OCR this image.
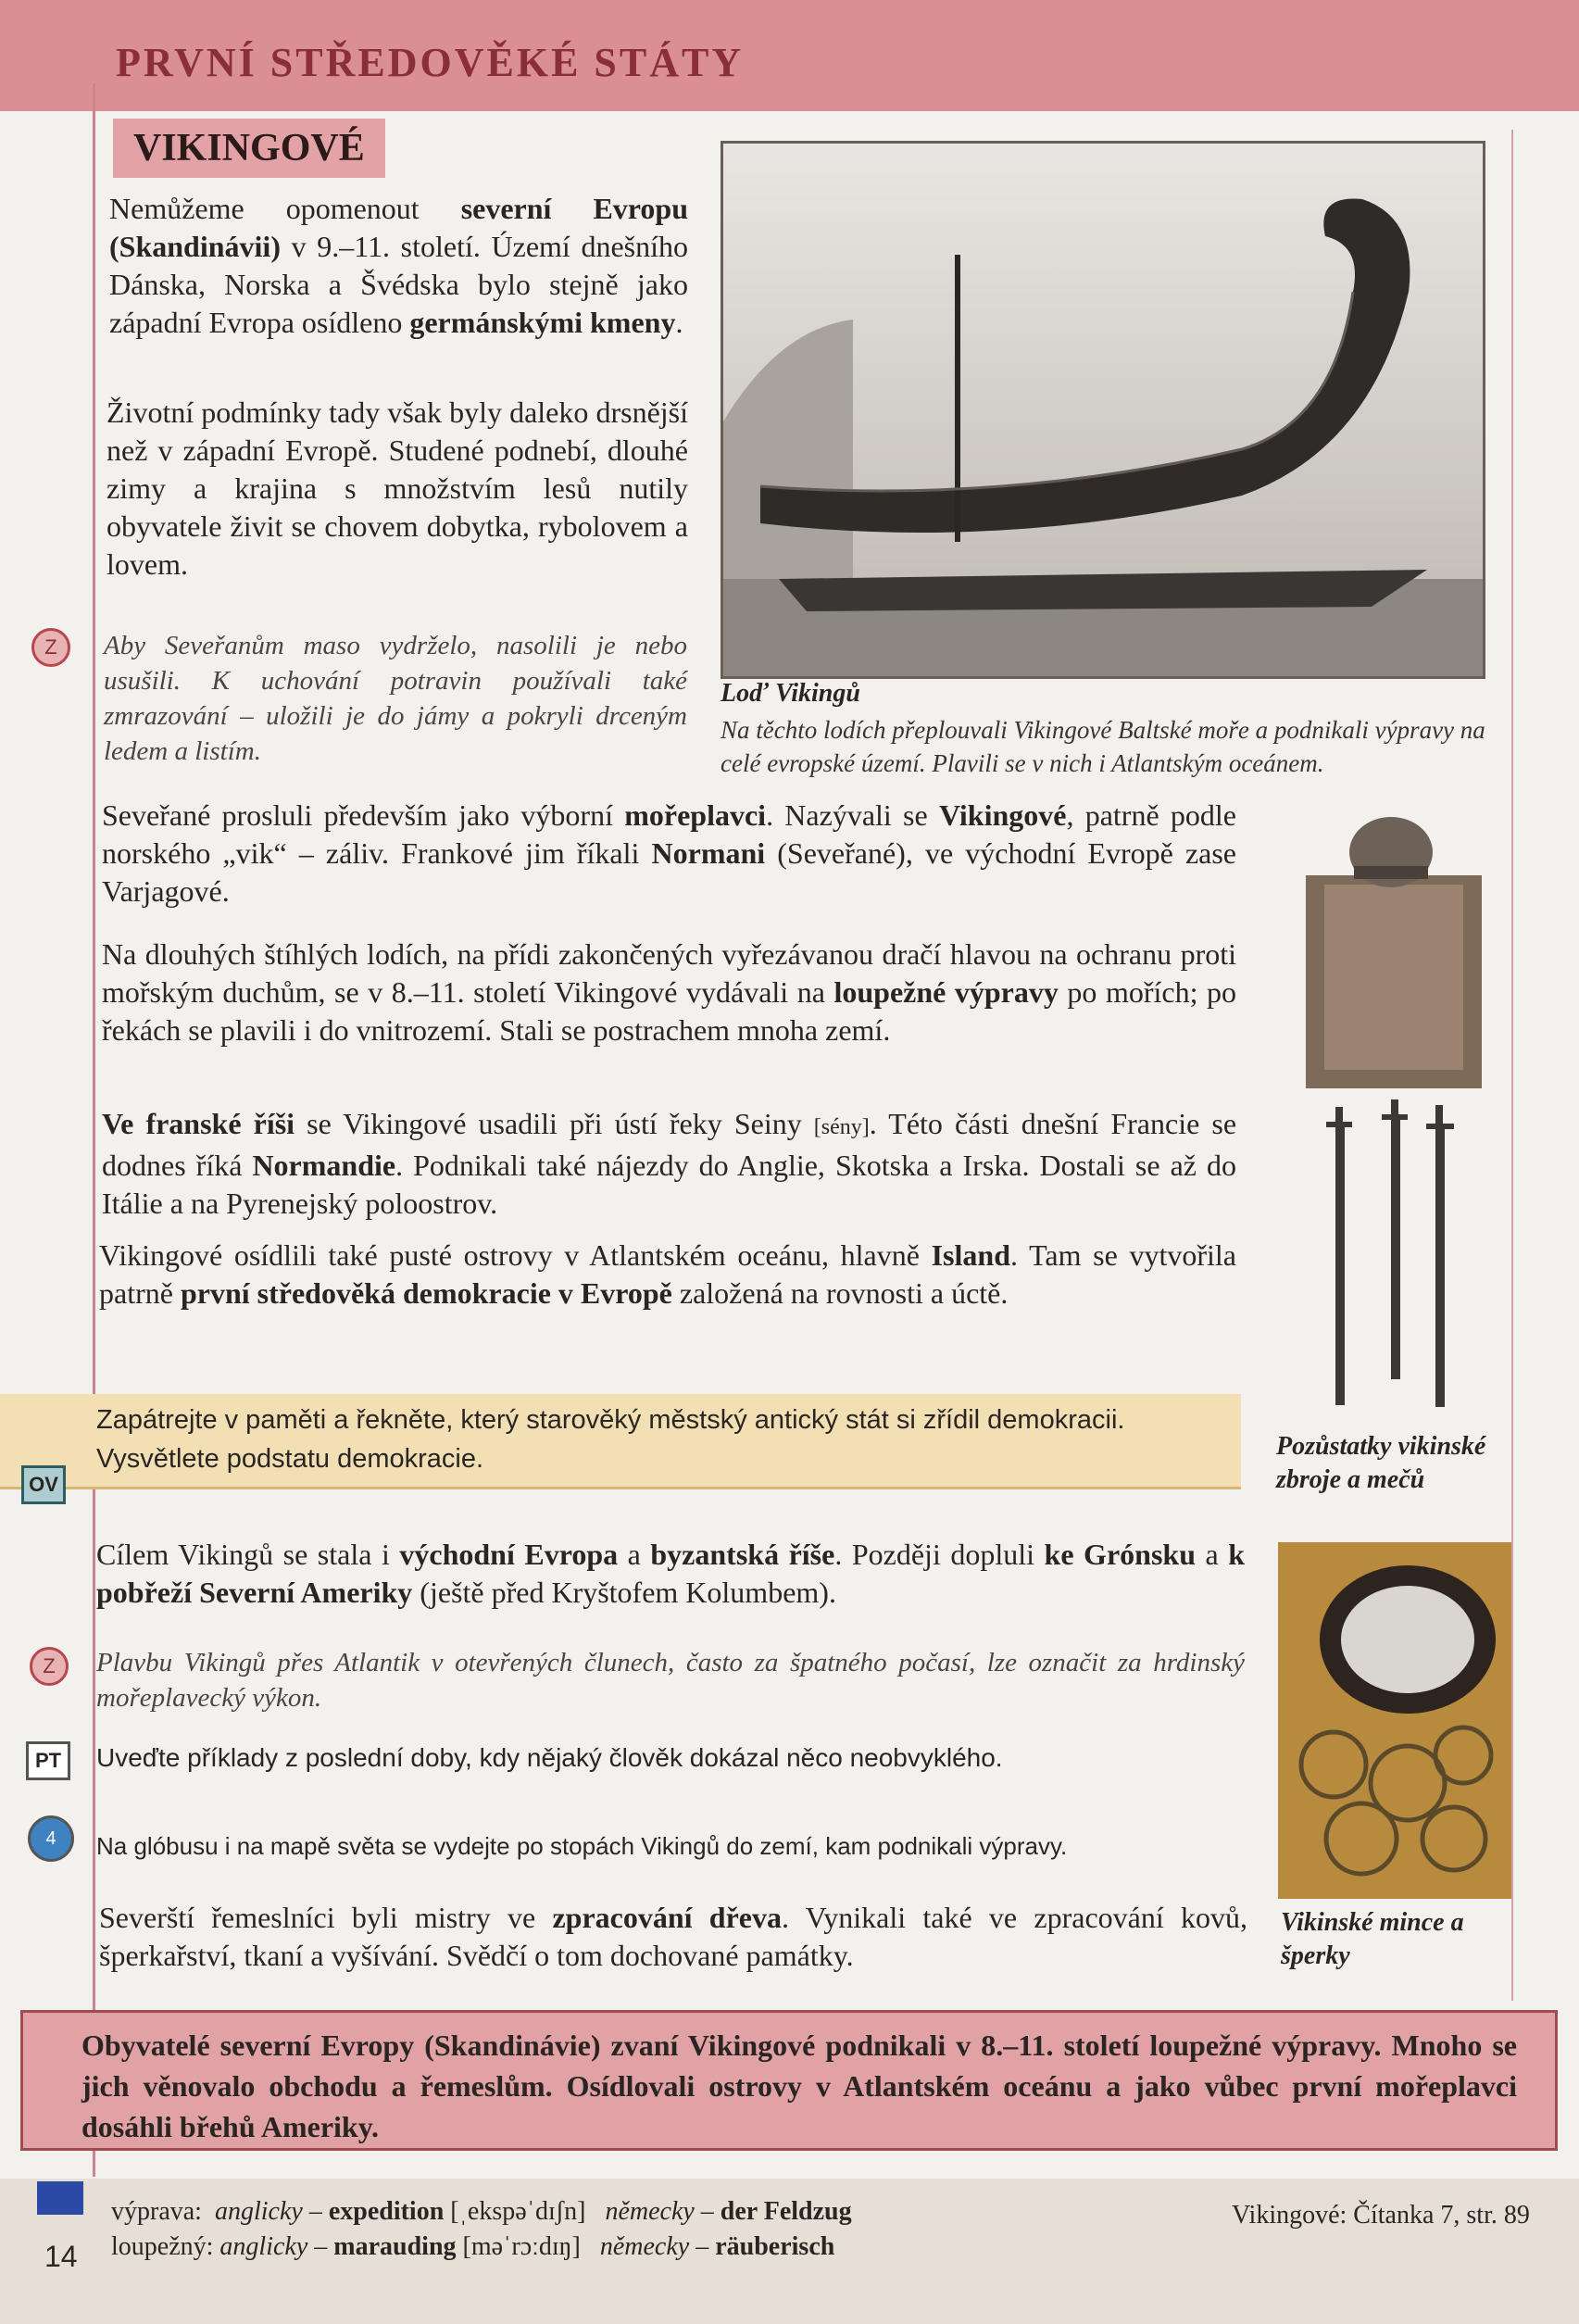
PRVNÍ STŘEDOVĚKÉ STÁTY
VIKINGOVÉ

Nemůžeme opomenout severní Evropu (Skandinávii) v 9.–11. století. Území dnešního Dánska, Norska a Švédska bylo stejně jako západní Evropa osídleno germánskými kmeny.

Životní podmínky tady však byly daleko drsnější než v západní Evropě. Studené podnebí, dlouhé zimy a krajina s množstvím lesů nutily obyvatele živit se chovem dobytka, rybolovem a lovem.

Z	Aby Seveřanům maso vydrželo, nasolili je nebo usušili. K uchování potravin používali také zmrazování – uložili je do jámy a pokryli drceným ledem a listím.
Loď Vikingů
Na těchto lodích přeplouvali Vikingové Baltské moře a podnikali výpravy na celé evropské území. Plavili se v nich i Atlantským oceánem.

Seveřané prosluli především jako výborní mořeplavci. Nazývali se Vikingové, patrně podle norského „vik“ – záliv. Frankové jim říkali Normani (Seveřané), ve východní Evropě zase Varjagové.

Na dlouhých štíhlých lodích, na přídi zakončených vyřezávanou dračí hlavou na ochranu proti mořským duchům, se v 8.–11. století Vikingové vydávali na loupežné výpravy po mořích; po řekách se plavili i do vnitrozemí. Stali se postrachem mnoha zemí.

Ve franské říši se Vikingové usadili při ústí řeky Seiny [sény]. Této části dnešní Francie se dodnes říká Normandie. Podnikali také nájezdy do Anglie, Skotska a Irska. Dostali se až do Itálie a na Pyrenejský poloostrov.

Vikingové osídlili také pusté ostrovy v Atlantském oceánu, hlavně Island. Tam se vytvořila patrně první středověká demokracie v Evropě založená na rovnosti a úctě.

Pozůstatky vikinské zbroje a mečů
OV
Zapátrejte v paměti a řekněte, který starověký městský antický stát si zřídil demokracii. Vysvětlete podstatu demokracie.

Cílem Vikingů se stala i východní Evropa a byzantská říše. Později dopluli ke Grónsku a k pobřeží Severní Ameriky (ještě před Kryštofem Kolumbem).

Z	Plavbu Vikingů přes Atlantik v otevřených člunech, často za špatného počasí, lze označit za hrdinský mořeplavecký výkon.
PT	Uveďte příklady z poslední doby, kdy nějaký člověk dokázal něco neobvyklého.
4	Na glóbusu i na mapě světa se vydejte po stopách Vikingů do zemí, kam podnikali výpravy.

Severští řemeslníci byli mistry ve zpracování dřeva. Vynikali také ve zpracování kovů, šperkařství, tkaní a vyšívání. Svědčí o tom dochované památky.

Vikinské mince a šperky
Obyvatelé severní Evropy (Skandinávie) zvaní Vikingové podnikali v 8.–11. století loupežné výpravy. Mnoho se jich věnovalo obchodu a řemeslům. Osídlovali ostrovy v Atlantském oceánu a jako vůbec první mořeplavci dosáhli břehů Ameriky.
výprava: anglicky – expedition [ˌekspəˈdɪʃn] německy – der Feldzug
loupežný: anglicky – marauding [məˈrɔːdɪŋ] německy – räuberisch
14
Vikingové: Čítanka 7, str. 89
